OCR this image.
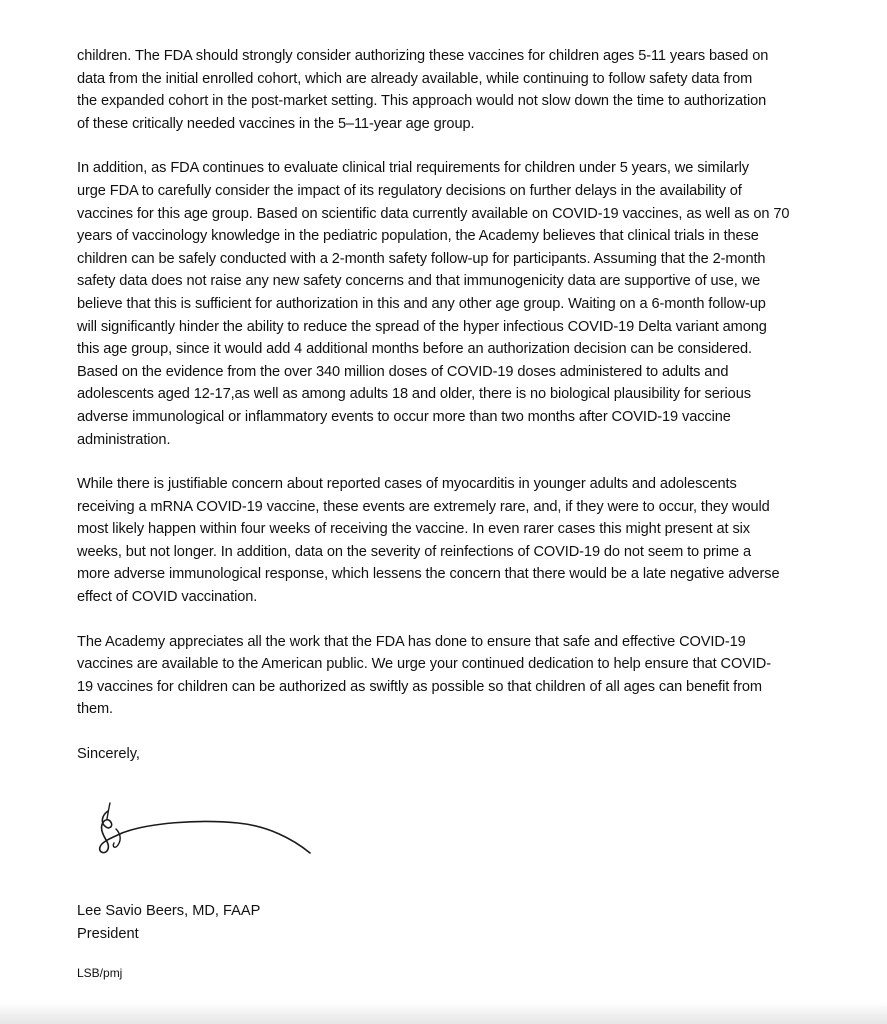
children. The FDA should strongly consider authorizing these vaccines for children ages 5-11 years based on
data from the initial enrolled cohort, which are already available, while continuing to follow safety data from
the expanded cohort in the post-market setting. This approach would not slow down the time to authorization
of these critically needed vaccines in the 5–11-year age group.

In addition, as FDA continues to evaluate clinical trial requirements for children under 5 years, we similarly
urge FDA to carefully consider the impact of its regulatory decisions on further delays in the availability of
vaccines for this age group. Based on scientific data currently available on COVID-19 vaccines, as well as on 70
years of vaccinology knowledge in the pediatric population, the Academy believes that clinical trials in these
children can be safely conducted with a 2-month safety follow-up for participants. Assuming that the 2-month
safety data does not raise any new safety concerns and that immunogenicity data are supportive of use, we
believe that this is sufficient for authorization in this and any other age group. Waiting on a 6-month follow-up
will significantly hinder the ability to reduce the spread of the hyper infectious COVID-19 Delta variant among
this age group, since it would add 4 additional months before an authorization decision can be considered.
Based on the evidence from the over 340 million doses of COVID-19 doses administered to adults and
adolescents aged 12-17,as well as among adults 18 and older, there is no biological plausibility for serious
adverse immunological or inflammatory events to occur more than two months after COVID-19 vaccine
administration.

While there is justifiable concern about reported cases of myocarditis in younger adults and adolescents
receiving a mRNA COVID-19 vaccine, these events are extremely rare, and, if they were to occur, they would
most likely happen within four weeks of receiving the vaccine. In even rarer cases this might present at six
weeks, but not longer. In addition, data on the severity of reinfections of COVID-19 do not seem to prime a
more adverse immunological response, which lessens the concern that there would be a late negative adverse
effect of COVID vaccination.

The Academy appreciates all the work that the FDA has done to ensure that safe and effective COVID-19
vaccines are available to the American public. We urge your continued dedication to help ensure that COVID-
19 vaccines for children can be authorized as swiftly as possible so that children of all ages can benefit from
them.

Sincerely,

Lee Savio Beers, MD, FAAP
President
LSB/pmj
